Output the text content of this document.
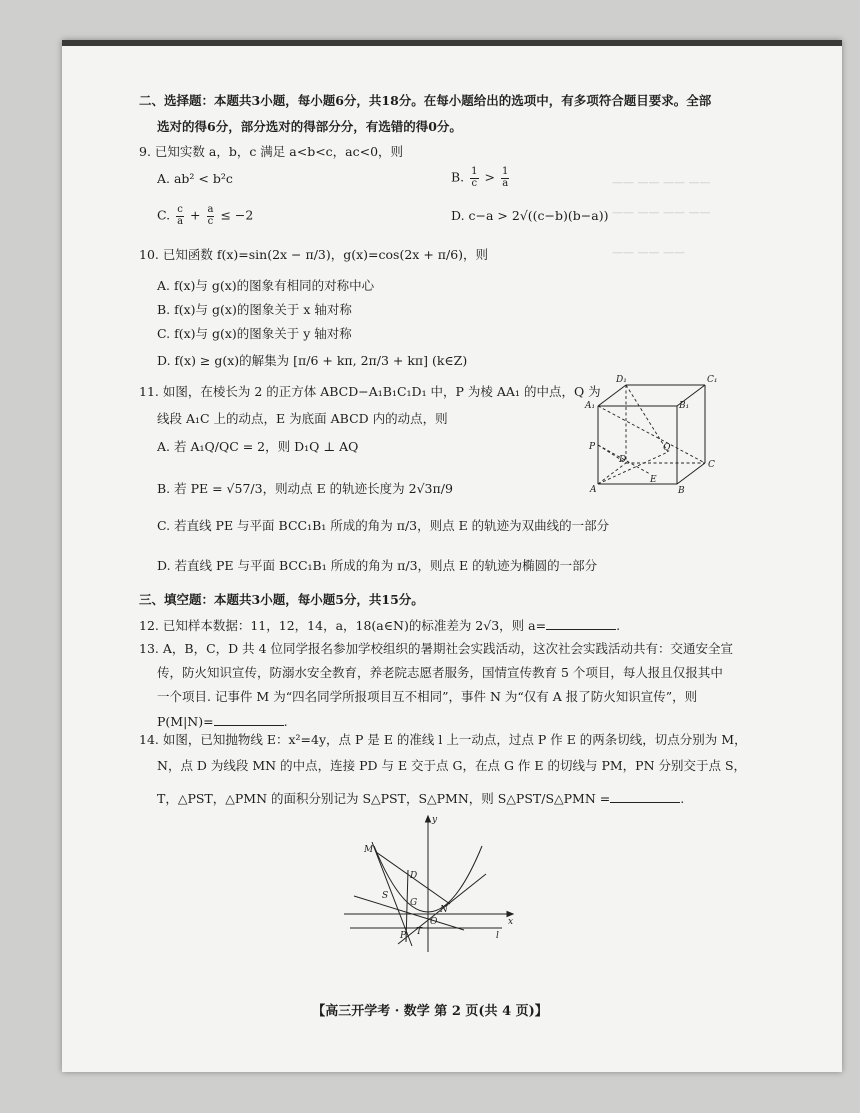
—— —— —— ——
—— —— —— ——
—— —— ——
二、选择题：本题共3小题，每小题6分，共18分。在每小题给出的选项中，有多项符合题目要求。全部
选对的得6分，部分选对的得部分分，有选错的得0分。
9. 已知实数 a，b，c 满足 a<b<c，ac<0，则
A. ab² < b²c	B. $\frac{1}{c} > \frac{1}{a}$
C. $\frac{c}{a} + \frac{a}{c} \le -2$	D. c−a > 2√((c−b)(b−a))
10. 已知函数 f(x)=sin(2x − π/3)，g(x)=cos(2x + π/6)，则
A. f(x)与 g(x)的图象有相同的对称中心
B. f(x)与 g(x)的图象关于 x 轴对称
C. f(x)与 g(x)的图象关于 y 轴对称
D. f(x) ≥ g(x)的解集为 [π/6 + kπ, 2π/3 + kπ] (k∈Z)
11. 如图，在棱长为 2 的正方体 ABCD−A₁B₁C₁D₁ 中，P 为棱 AA₁ 的中点，Q 为
线段 A₁C 上的动点，E 为底面 ABCD 内的动点，则
A. 若 A₁Q/QC = 2，则 D₁Q ⊥ AQ
B. 若 PE = √57/3，则动点 E 的轨迹长度为 2√3π/9
C. 若直线 PE 与平面 BCC₁B₁ 所成的角为 π/3，则点 E 的轨迹为双曲线的一部分
D. 若直线 PE 与平面 BCC₁B₁ 所成的角为 π/3，则点 E 的轨迹为椭圆的一部分
D₁	C₁
A₁	B₁
P	Q
D	C
A	B
E
三、填空题：本题共3小题，每小题5分，共15分。
12. 已知样本数据：11，12，14，a，18(a∈N)的标准差为 2√3，则 a=	.
13. A，B，C，D 共 4 位同学报名参加学校组织的暑期社会实践活动，这次社会实践活动共有：交通安全宣
传，防火知识宣传，防溺水安全教育，养老院志愿者服务，国情宣传教育 5 个项目，每人报且仅报其中
一个项目. 记事件 M 为“四名同学所报项目互不相同”，事件 N 为“仅有 A 报了防火知识宣传”，则
P(M|N)=	.
14. 如图，已知抛物线 E：x²=4y，点 P 是 E 的准线 l 上一动点，过点 P 作 E 的两条切线，切点分别为 M，
N，点 D 为线段 MN 的中点，连接 PD 与 E 交于点 G，在点 G 作 E 的切线与 PM，PN 分别交于点 S，
T，△PST，△PMN 的面积分别记为 S△PST，S△PMN，则 S△PST/S△PMN =	.
y
x
M
D
S
G
N
O
P T	l
【高三开学考 · 数学 第 2 页(共 4 页)】
